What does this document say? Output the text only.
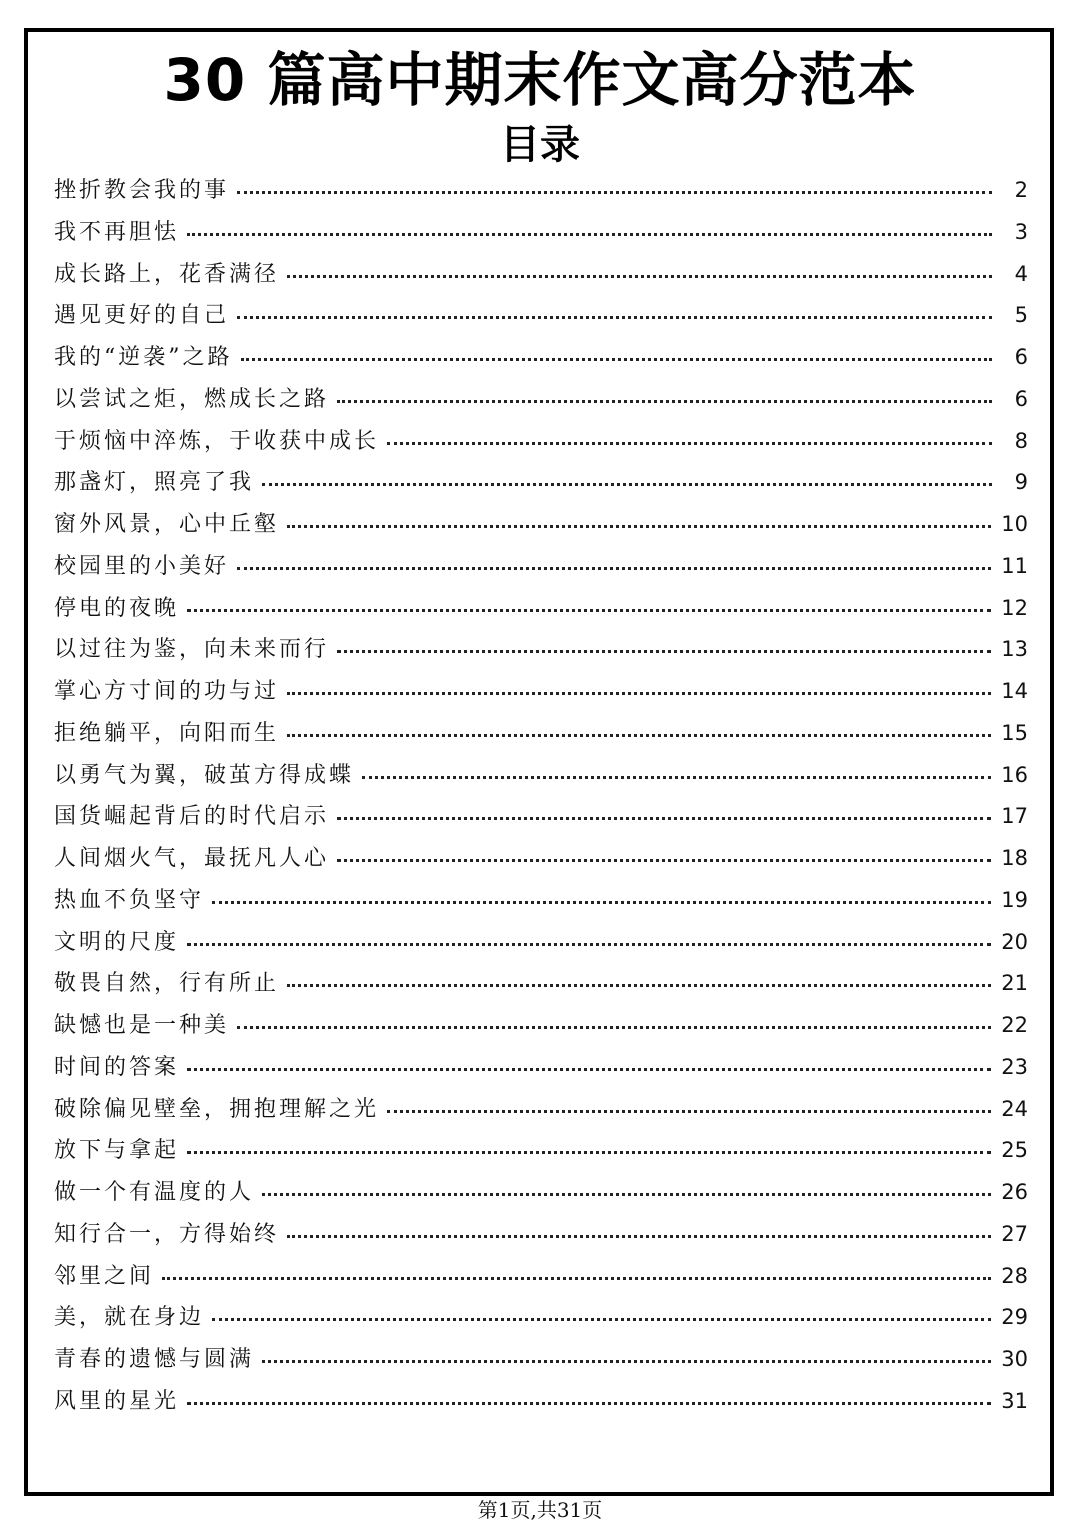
30 篇高中期末作文高分范本
目录
挫折教会我的事	2
我不再胆怯	3
成长路上，花香满径	4
遇见更好的自己	5
我的“逆袭”之路	6
以尝试之炬，燃成长之路	6
于烦恼中淬炼，于收获中成长	8
那盏灯，照亮了我	9
窗外风景，心中丘壑	10
校园里的小美好	11
停电的夜晚	12
以过往为鉴，向未来而行	13
掌心方寸间的功与过	14
拒绝躺平，向阳而生	15
以勇气为翼，破茧方得成蝶	16
国货崛起背后的时代启示	17
人间烟火气，最抚凡人心	18
热血不负坚守	19
文明的尺度	20
敬畏自然，行有所止	21
缺憾也是一种美	22
时间的答案	23
破除偏见壁垒，拥抱理解之光	24
放下与拿起	25
做一个有温度的人	26
知行合一，方得始终	27
邻里之间	28
美，就在身边	29
青春的遗憾与圆满	30
风里的星光	31
第1页,共31页
